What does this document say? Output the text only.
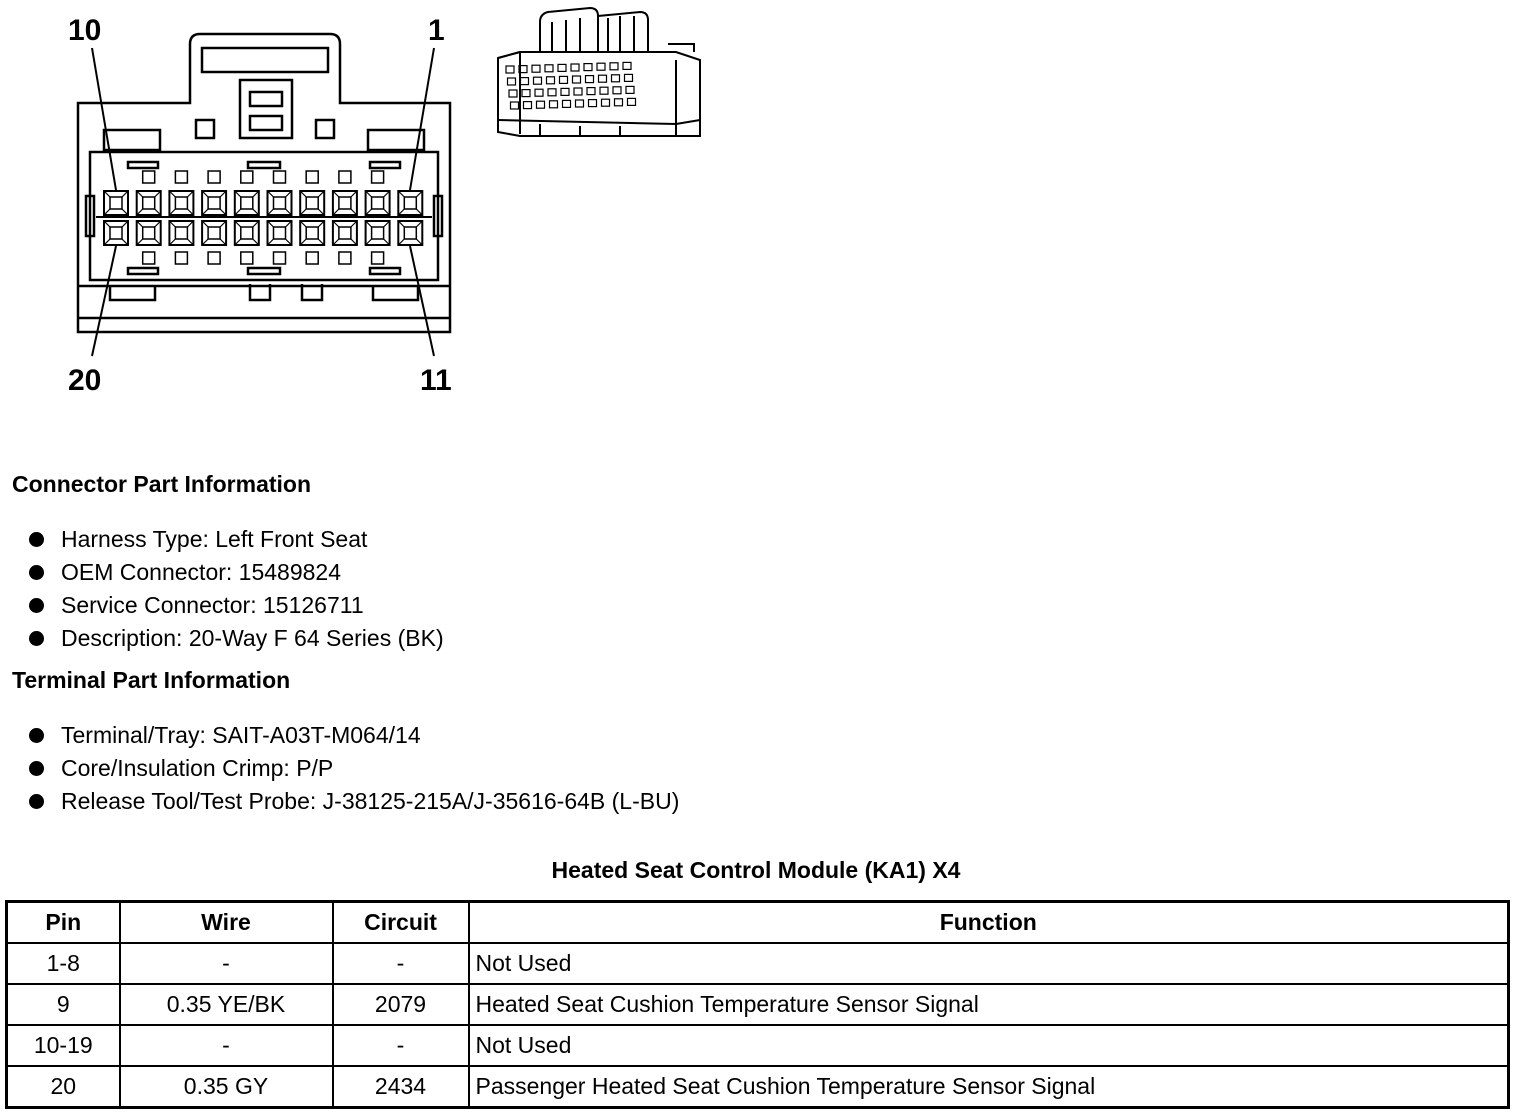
10	1
20	11
Connector Part Information
Harness Type: Left Front Seat
OEM Connector: 15489824
Service Connector: 15126711
Description: 20-Way F 64 Series (BK)
Terminal Part Information
Terminal/Tray: SAIT-A03T-M064/14
Core/Insulation Crimp: P/P
Release Tool/Test Probe: J-38125-215A/J-35616-64B (L-BU)
Heated Seat Control Module (KA1) X4
Pin	Wire	Circuit	Function
1-8	-	-	Not Used
9	0.35 YE/BK	2079	Heated Seat Cushion Temperature Sensor Signal
10-19	-	-	Not Used
20	0.35 GY	2434	Passenger Heated Seat Cushion Temperature Sensor Signal
